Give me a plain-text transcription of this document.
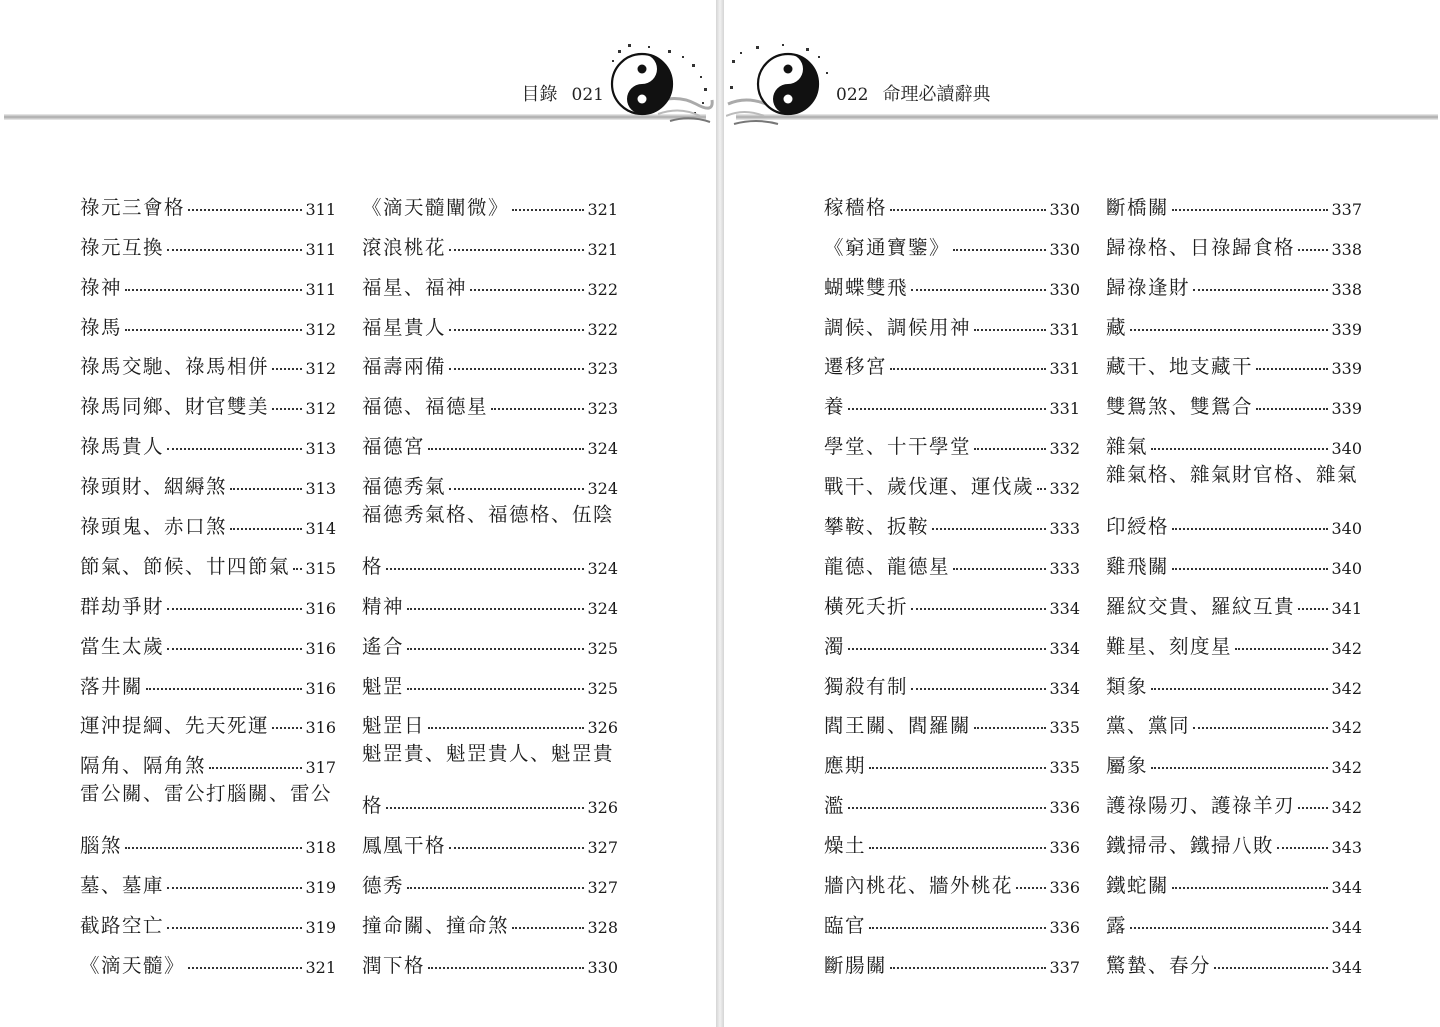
目錄 021
祿元三會格	311
祿元互換	311
祿神	311
祿馬	312
祿馬交馳、祿馬相併 312
祿馬同鄉、財官雙美 312
祿馬貴人	313
祿頭財、絪縟煞	313
祿頭鬼、赤口煞	314
節氣、節候、廿四節氣 315
群劫爭財	316
當生太歲	316
落井關	316
運沖提綱、先天死運 316
隔角、隔角煞	317
雷公關、雷公打腦關、雷公
腦煞	318
墓、墓庫	319
截路空亡	319
《滴天髓》	321
《滴天髓闡微》	321
滾浪桃花	321
福星、福神	322
福星貴人	322
福壽兩備	323
福德、福德星	323
福德宮	324
福德秀氣	324
福德秀氣格、福德格、伍陰
格	324
精神	324
遙合	325
魁罡	325
魁罡日	326
魁罡貴、魁罡貴人、魁罡貴
格	326
鳳凰干格	327
德秀	327
撞命關、撞命煞	328
潤下格	330
022 命理必讀辭典
稼穡格	330
《窮通寶鑒》	330
蝴蝶雙飛	330
調候、調候用神	331
遷移宮	331
養	331
學堂、十干學堂	332
戰干、歲伐運、運伐歲 332
攀鞍、扳鞍	333
龍德、龍德星	333
橫死夭折	334
濁	334
獨殺有制	334
閻王關、閻羅關	335
應期	335
濫	336
燥土	336
牆內桃花、牆外桃花 336
臨官	336
斷腸關	337
斷橋關	337
歸祿格、日祿歸食格 338
歸祿逢財	338
藏	339
藏干、地支藏干	339
雙鴛煞、雙鴛合	339
雜氣	340
雜氣格、雜氣財官格、雜氣
印綬格	340
雞飛關	340
羅紋交貴、羅紋互貴 341
難星、刻度星	342
類象	342
黨、黨同	342
屬象	342
護祿陽刃、護祿羊刃 342
鐵掃帚、鐵掃八敗	343
鐵蛇關	344
露	344
驚蟄、春分	344
